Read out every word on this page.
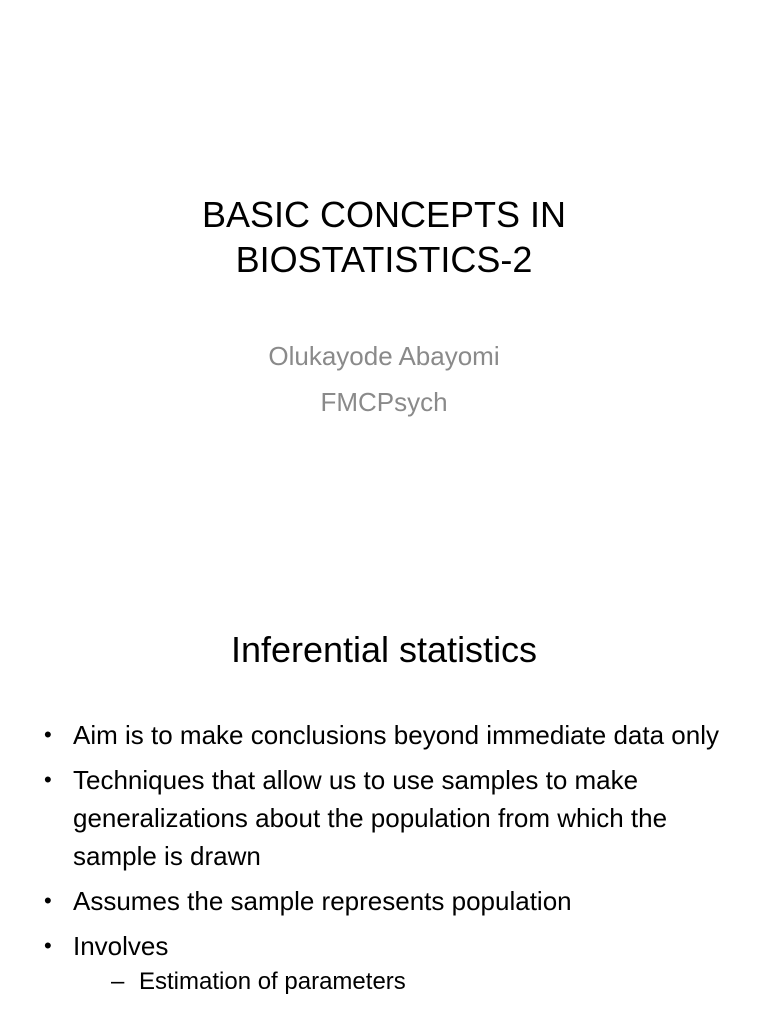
BASIC CONCEPTS IN
BIOSTATISTICS-2
Olukayode Abayomi
FMCPsych
Inferential statistics
• Aim is to make conclusions beyond immediate data only
• Techniques that allow us to use samples to make generalizations about the population from which the sample is drawn
• Assumes the sample represents population
• Involves
– Estimation of parameters
